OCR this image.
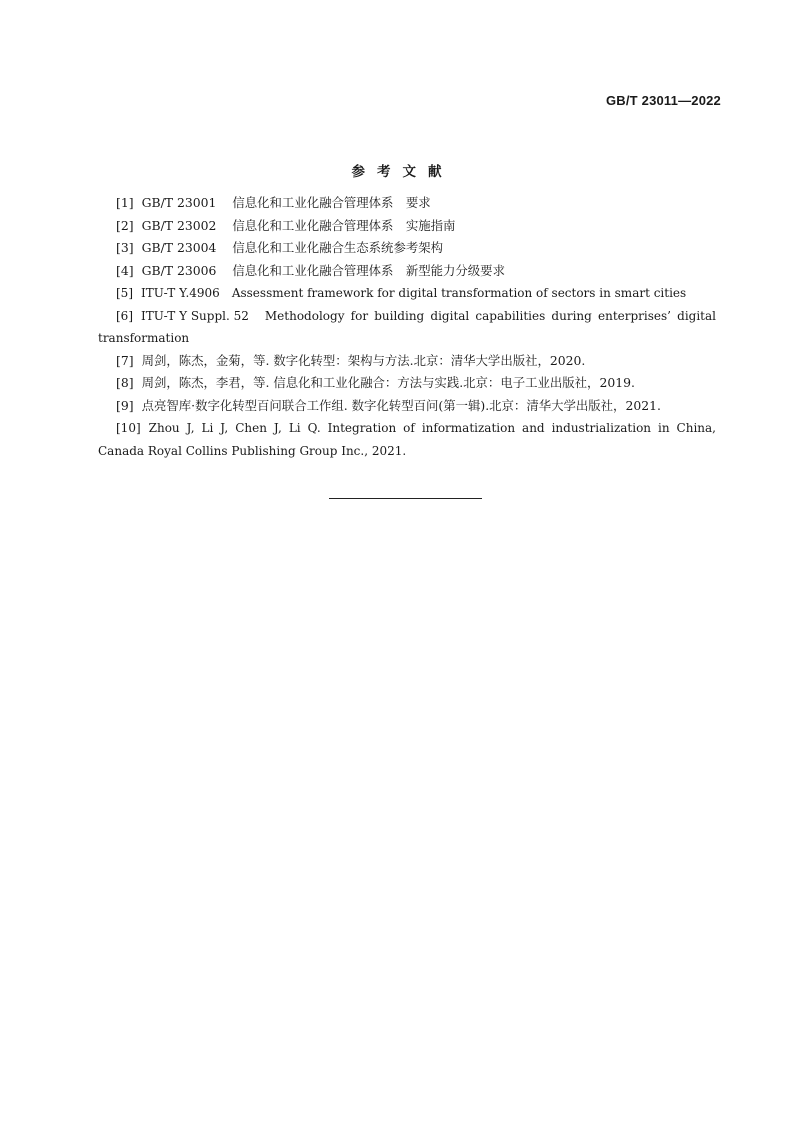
GB/T 23011—2022
参考文献

[1] GB/T 23001 信息化和工业化融合管理体系　要求

[2] GB/T 23002 信息化和工业化融合管理体系　实施指南

[3] GB/T 23004 信息化和工业化融合生态系统参考架构

[4] GB/T 23006 信息化和工业化融合管理体系　新型能力分级要求

[5] ITU-T Y.4906 Assessment framework for digital transformation of sectors in smart cities

[6] ITU-T Y Suppl. 52 Methodology for building digital capabilities during enterprises’ digital transformation

[7] 周剑，陈杰，金菊，等. 数字化转型：架构与方法.北京：清华大学出版社，2020.

[8] 周剑，陈杰，李君，等. 信息化和工业化融合：方法与实践.北京：电子工业出版社，2019.

[9] 点亮智库·数字化转型百问联合工作组. 数字化转型百问(第一辑).北京：清华大学出版社，2021.

[10] Zhou J, Li J, Chen J, Li Q. Integration of informatization and industrialization in China, Canada Royal Collins Publishing Group Inc., 2021.
